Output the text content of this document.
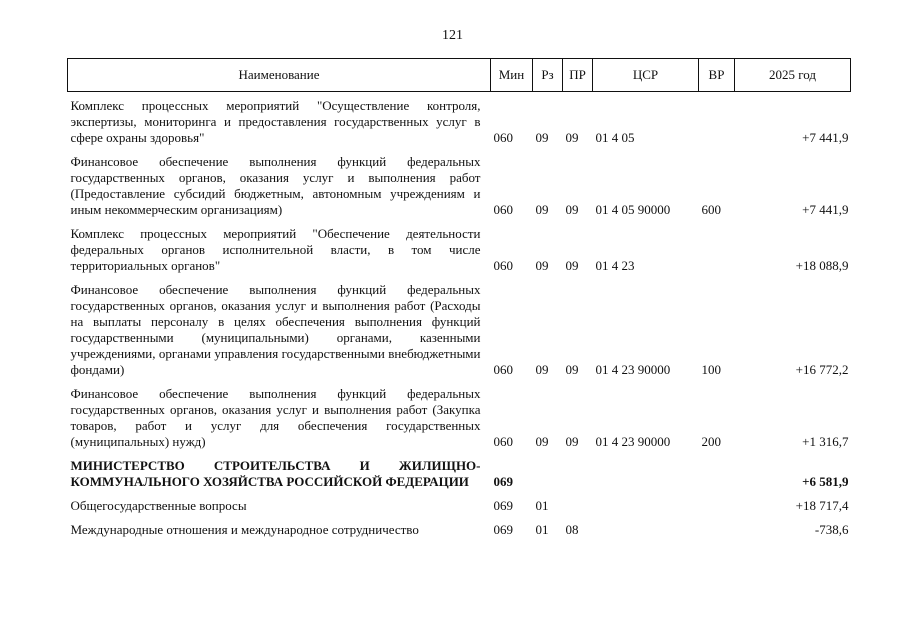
121
Наименование	Мин	Рз	ПР	ЦСР	ВР	2025 год
Комплекс процессных мероприятий "Осуществление контроля, экспертизы, мониторинга и предоставления государственных услуг в сфере охраны здоровья"	060	09	09	01 4 05		+7 441,9
Финансовое обеспечение выполнения функций федеральных государственных органов, оказания услуг и выполнения работ (Предоставление субсидий бюджетным, автономным учреждениям и иным некоммерческим организациям)	060	09	09	01 4 05 90000	600	+7 441,9
Комплекс процессных мероприятий "Обеспечение деятельности федеральных органов исполнительной власти, в том числе территориальных органов"	060	09	09	01 4 23		+18 088,9
Финансовое обеспечение выполнения функций федеральных государственных органов, оказания услуг и выполнения работ (Расходы на выплаты персоналу в целях обеспечения выполнения функций государственными (муниципальными) органами, казенными учреждениями, органами управления государственными внебюджетными фондами)	060	09	09	01 4 23 90000	100	+16 772,2
Финансовое обеспечение выполнения функций федеральных государственных органов, оказания услуг и выполнения работ (Закупка товаров, работ и услуг для обеспечения государственных (муниципальных) нужд)	060	09	09	01 4 23 90000	200	+1 316,7
МИНИСТЕРСТВО СТРОИТЕЛЬСТВА И ЖИЛИЩНО-КОММУНАЛЬНОГО ХОЗЯЙСТВА РОССИЙСКОЙ ФЕДЕРАЦИИ	069					+6 581,9
Общегосударственные вопросы	069	01				+18 717,4
Международные отношения и международное сотрудничество	069	01	08			-738,6
